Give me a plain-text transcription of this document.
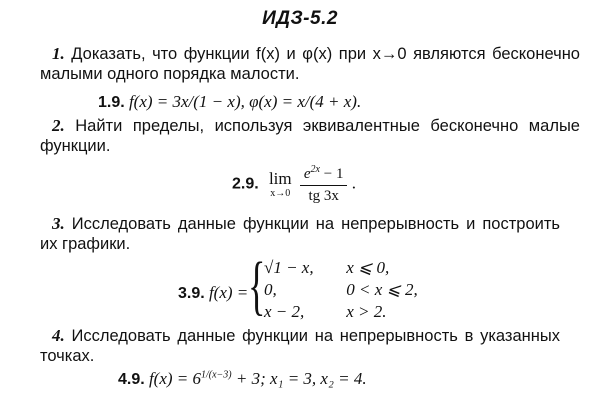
ИДЗ-5.2
1. Доказать, что функции f(x) и φ(x) при x→0 являются бесконечно малыми одного порядка малости.
1.9. f(x) = 3x/(1 − x), φ(x) = x/(4 + x).
2. Найти пределы, используя эквивалентные бесконечно малые функции.
2.9. lim
x→0
$\frac{e^{2x} - 1}{tg 3x}$ .
3. Исследовать данные функции на непрерывность и построить их графики.
3.9. f(x) = {
√1 − x, x ⩽ 0,
0,	0 < x ⩽ 2,
x − 2, x > 2.
4. Исследовать данные функции на непрерывность в указанных точках.
4.9. $f(x) = 6^{1/(x-3)} + 3$; x₁ = 3, x₂ = 4.
